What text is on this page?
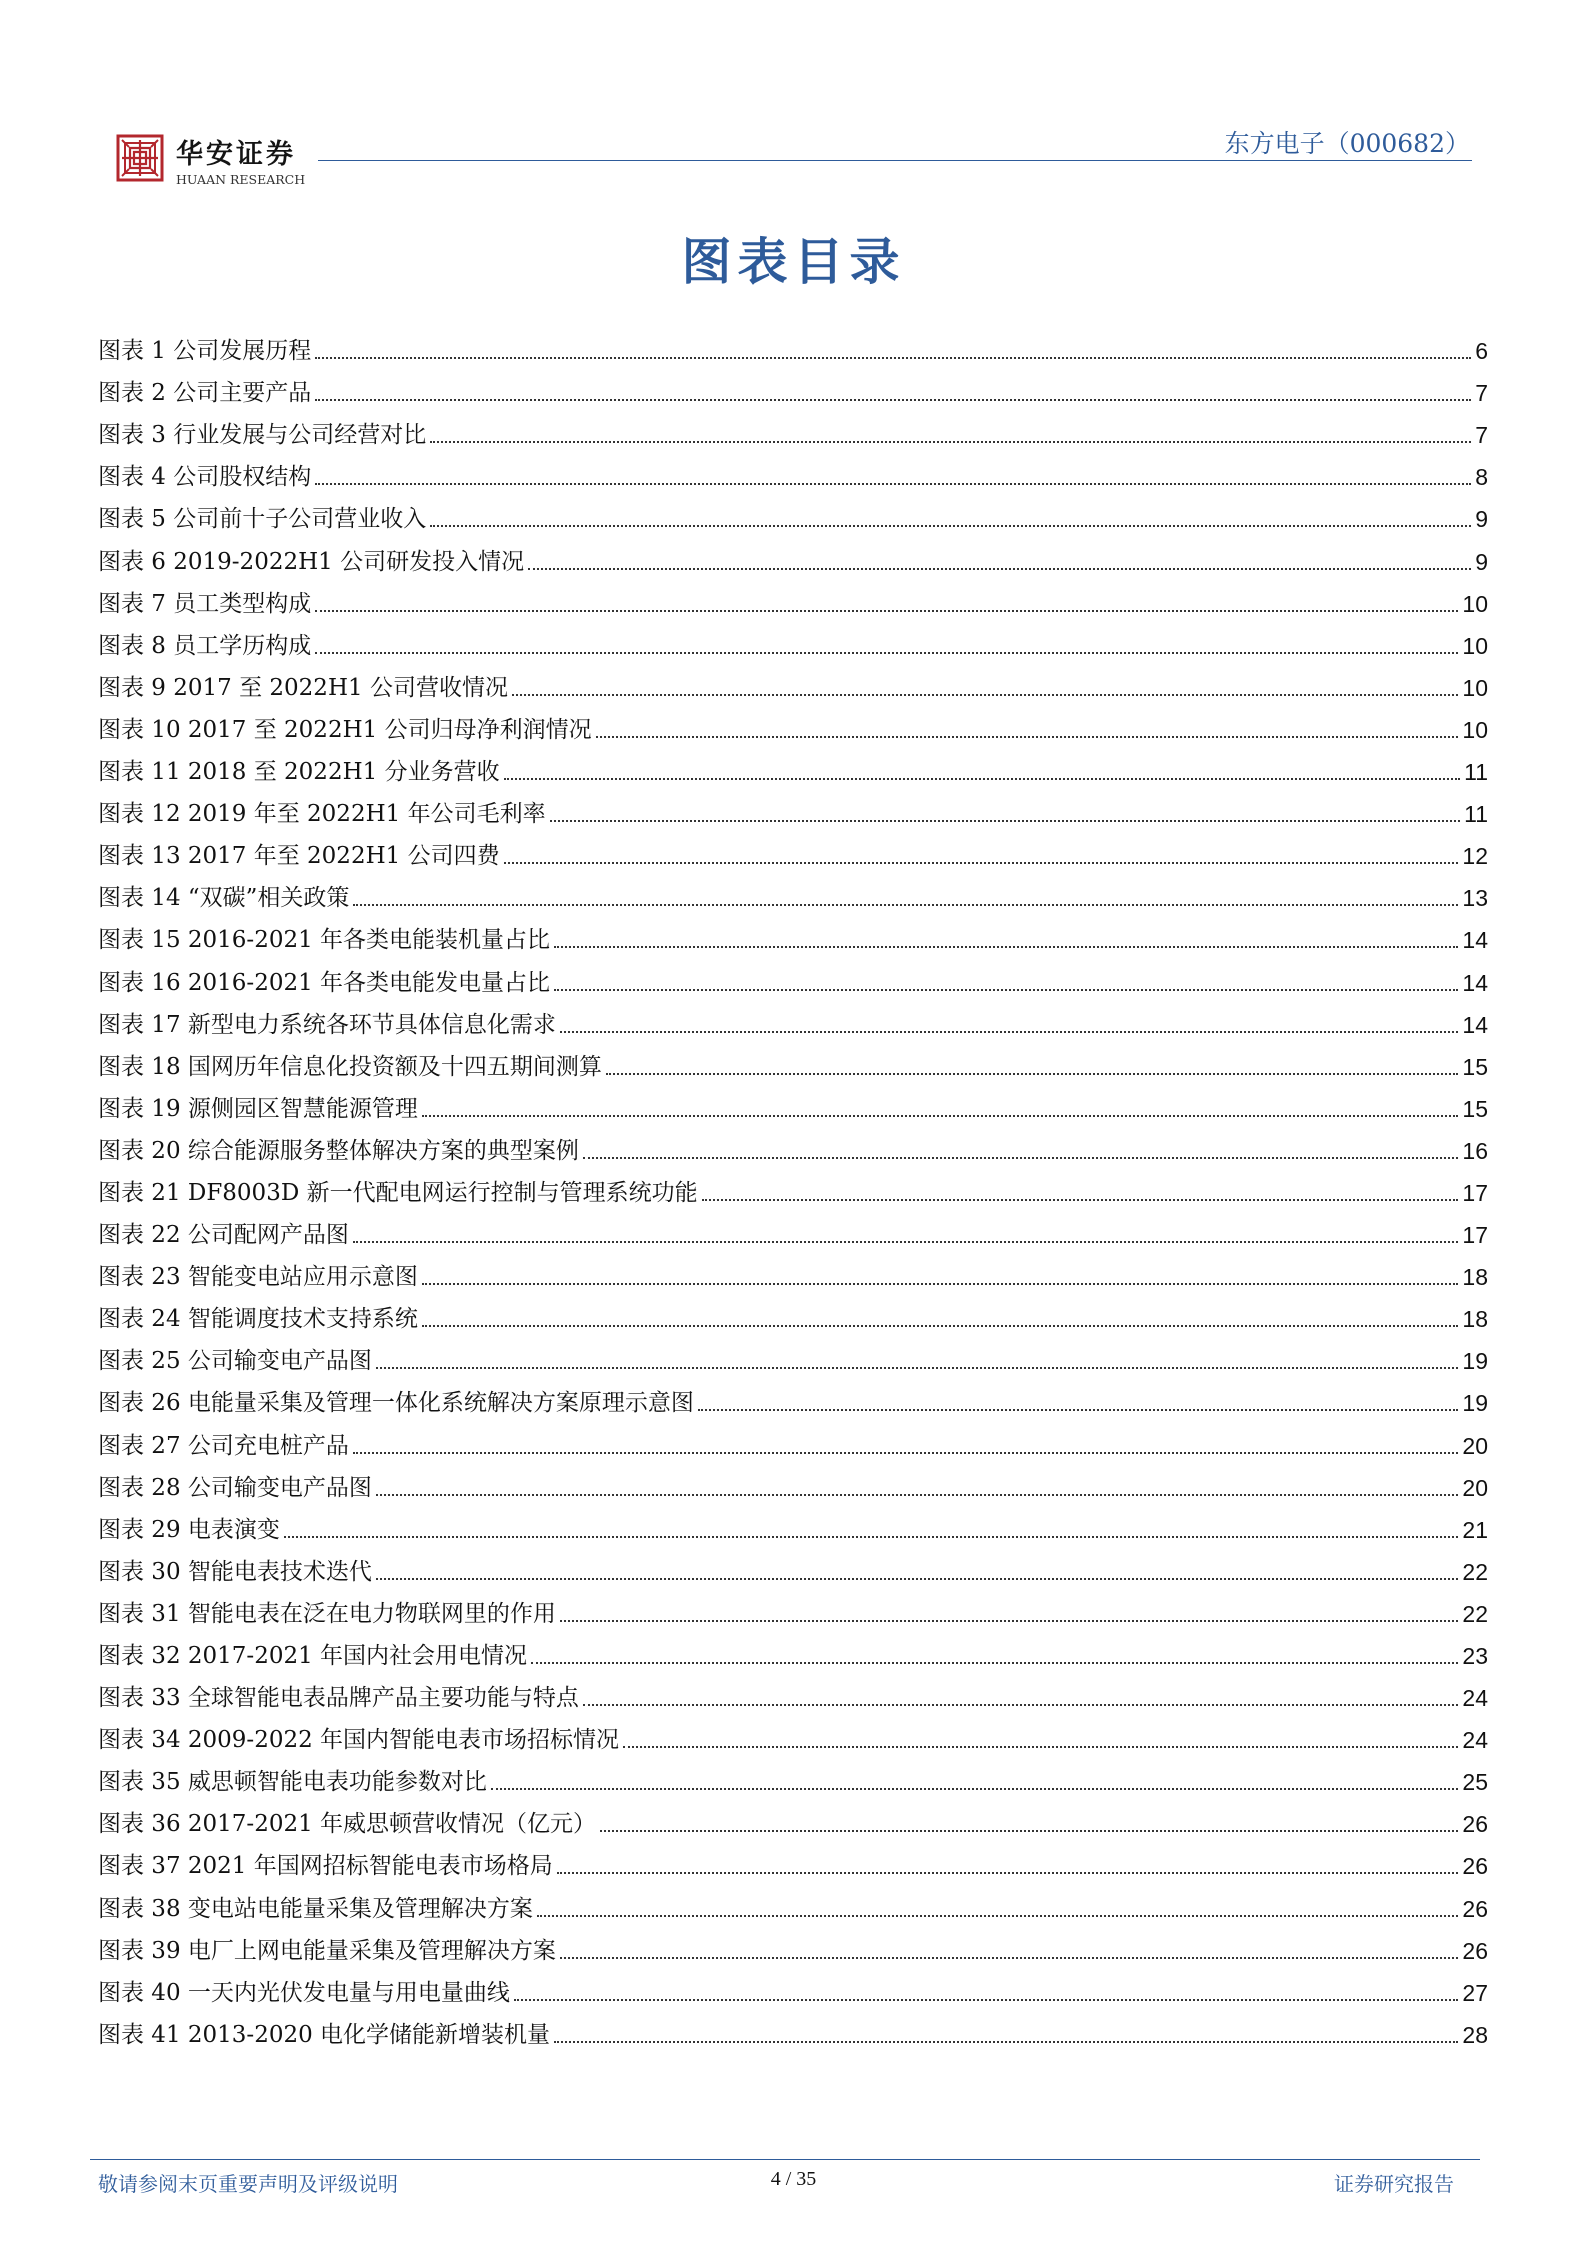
华安证券
HUAAN RESEARCH
东方电子（000682）
图表目录
图表 1 公司发展历程	6
图表 2 公司主要产品	7
图表 3 行业发展与公司经营对比	7
图表 4 公司股权结构	8
图表 5 公司前十子公司营业收入	9
图表 6 2019-2022H1 公司研发投入情况	9
图表 7 员工类型构成	10
图表 8 员工学历构成	10
图表 9 2017 至 2022H1 公司营收情况	10
图表 10 2017 至 2022H1 公司归母净利润情况	10
图表 11 2018 至 2022H1 分业务营收	11
图表 12 2019 年至 2022H1 年公司毛利率	11
图表 13 2017 年至 2022H1 公司四费	12
图表 14 “双碳”相关政策	13
图表 15 2016-2021 年各类电能装机量占比	14
图表 16 2016-2021 年各类电能发电量占比	14
图表 17 新型电力系统各环节具体信息化需求	14
图表 18 国网历年信息化投资额及十四五期间测算	15
图表 19 源侧园区智慧能源管理	15
图表 20 综合能源服务整体解决方案的典型案例	16
图表 21 DF8003D 新一代配电网运行控制与管理系统功能	17
图表 22 公司配网产品图	17
图表 23 智能变电站应用示意图	18
图表 24 智能调度技术支持系统	18
图表 25 公司输变电产品图	19
图表 26 电能量采集及管理一体化系统解决方案原理示意图	19
图表 27 公司充电桩产品	20
图表 28 公司输变电产品图	20
图表 29 电表演变	21
图表 30 智能电表技术迭代	22
图表 31 智能电表在泛在电力物联网里的作用	22
图表 32 2017-2021 年国内社会用电情况	23
图表 33 全球智能电表品牌产品主要功能与特点	24
图表 34 2009-2022 年国内智能电表市场招标情况	24
图表 35 威思顿智能电表功能参数对比	25
图表 36 2017-2021 年威思顿营收情况（亿元）	26
图表 37 2021 年国网招标智能电表市场格局	26
图表 38 变电站电能量采集及管理解决方案	26
图表 39 电厂上网电能量采集及管理解决方案	26
图表 40 一天内光伏发电量与用电量曲线	27
图表 41 2013-2020 电化学储能新增装机量	28
敬请参阅末页重要声明及评级说明	4 / 35	证券研究报告
